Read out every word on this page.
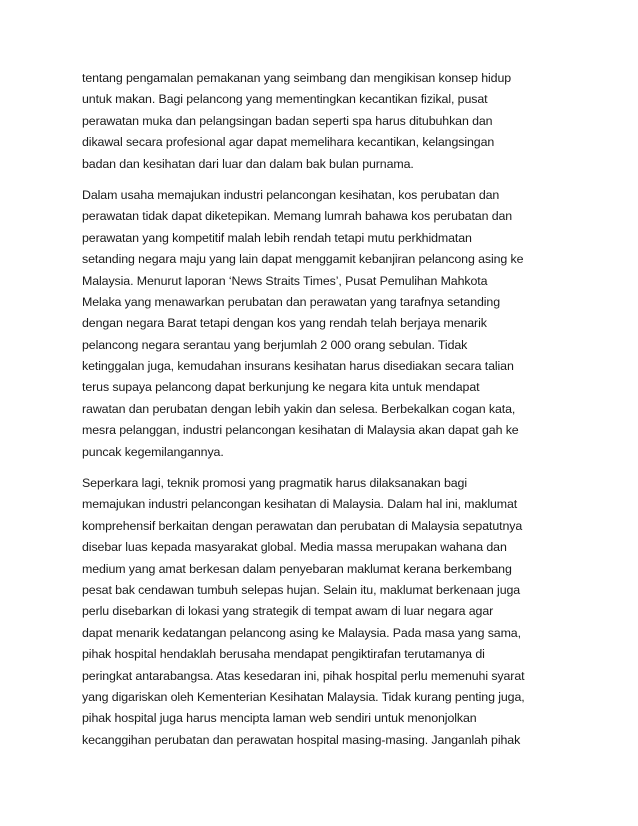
tentang pengamalan pemakanan yang seimbang dan mengikisan konsep hidup
untuk makan. Bagi pelancong yang mementingkan kecantikan fizikal, pusat
perawatan muka dan pelangsingan badan seperti spa harus ditubuhkan dan
dikawal secara profesional agar dapat memelihara kecantikan, kelangsingan
badan dan kesihatan dari luar dan dalam bak bulan purnama.
Dalam usaha memajukan industri pelancongan kesihatan, kos perubatan dan
perawatan tidak dapat diketepikan. Memang lumrah bahawa kos perubatan dan
perawatan yang kompetitif malah lebih rendah tetapi mutu perkhidmatan
setanding negara maju yang lain dapat menggamit kebanjiran pelancong asing ke
Malaysia. Menurut laporan ‘News Straits Times’, Pusat Pemulihan Mahkota
Melaka yang menawarkan perubatan dan perawatan yang tarafnya setanding
dengan negara Barat tetapi dengan kos yang rendah telah berjaya menarik
pelancong negara serantau yang berjumlah 2 000 orang sebulan. Tidak
ketinggalan juga, kemudahan insurans kesihatan harus disediakan secara talian
terus supaya pelancong dapat berkunjung ke negara kita untuk mendapat
rawatan dan perubatan dengan lebih yakin dan selesa. Berbekalkan cogan kata,
mesra pelanggan, industri pelancongan kesihatan di Malaysia akan dapat gah ke
puncak kegemilangannya.
Seperkara lagi, teknik promosi yang pragmatik harus dilaksanakan bagi
memajukan industri pelancongan kesihatan di Malaysia. Dalam hal ini, maklumat
komprehensif berkaitan dengan perawatan dan perubatan di Malaysia sepatutnya
disebar luas kepada masyarakat global. Media massa merupakan wahana dan
medium yang amat berkesan dalam penyebaran maklumat kerana berkembang
pesat bak cendawan tumbuh selepas hujan. Selain itu, maklumat berkenaan juga
perlu disebarkan di lokasi yang strategik di tempat awam di luar negara agar
dapat menarik kedatangan pelancong asing ke Malaysia. Pada masa yang sama,
pihak hospital hendaklah berusaha mendapat pengiktirafan terutamanya di
peringkat antarabangsa. Atas kesedaran ini, pihak hospital perlu memenuhi syarat
yang digariskan oleh Kementerian Kesihatan Malaysia. Tidak kurang penting juga,
pihak hospital juga harus mencipta laman web sendiri untuk menonjolkan
kecanggihan perubatan dan perawatan hospital masing-masing. Janganlah pihak
